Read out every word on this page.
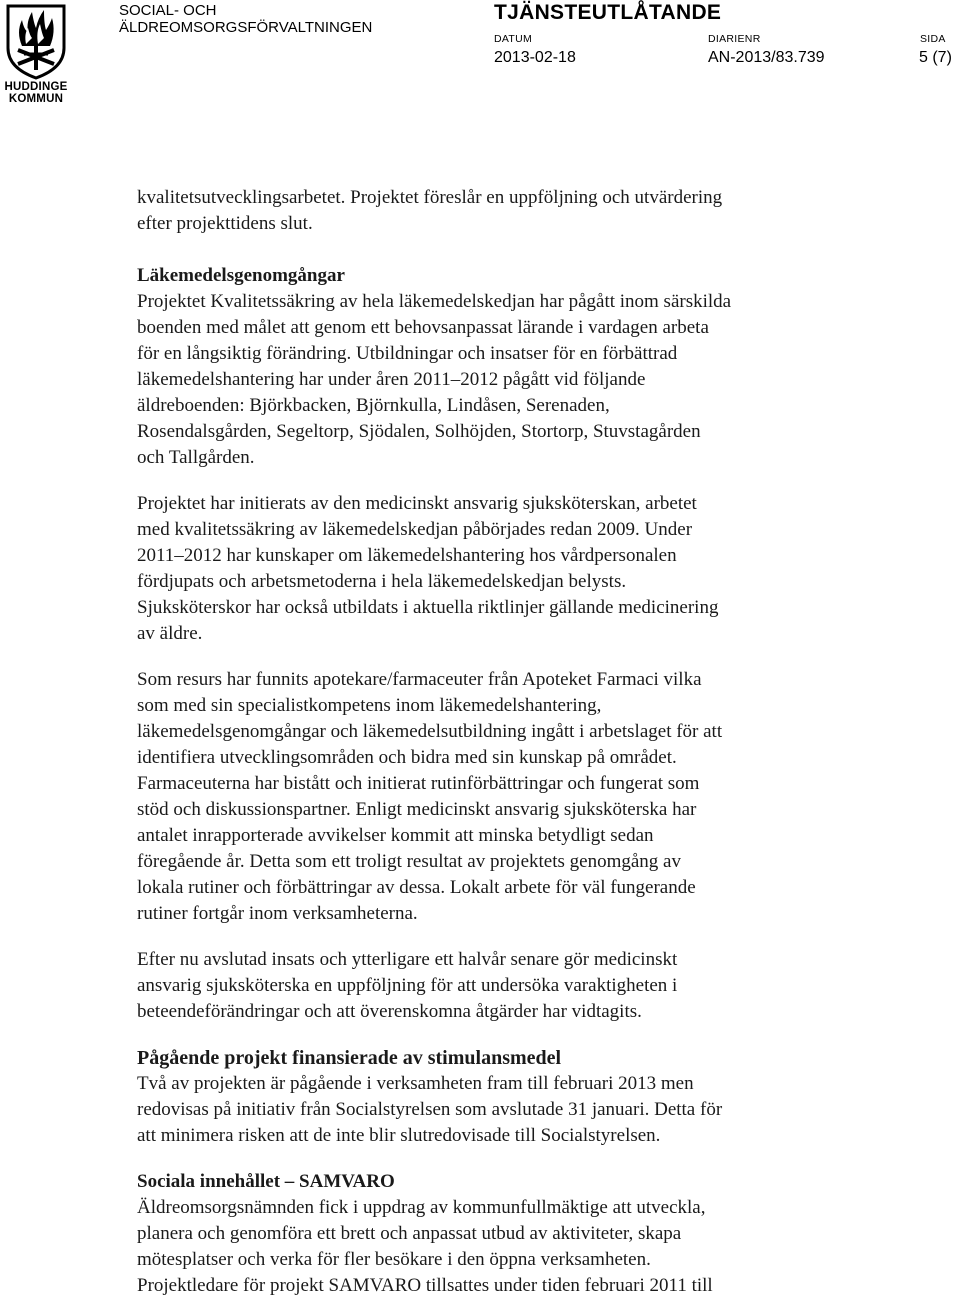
HUDDINGE
KOMMUN
SOCIAL- OCH
ÄLDREOMSORGSFÖRVALTNINGEN
TJÄNSTEUTLÅTANDE
DATUM	DIARIENR	SIDA
2013-02-18	AN-2013/83.739	5 (7)

kvalitetsutvecklingsarbetet. Projektet föreslår en uppföljning och utvärdering

efter projekttidens slut.

Läkemedelsgenomgångar

Projektet Kvalitetssäkring av hela läkemedelskedjan har pågått inom särskilda

boenden med målet att genom ett behovsanpassat lärande i vardagen arbeta

för en långsiktig förändring. Utbildningar och insatser för en förbättrad

läkemedelshantering har under åren 2011–2012 pågått vid följande

äldreboenden: Björkbacken, Björnkulla, Lindåsen, Serenaden,

Rosendalsgården, Segeltorp, Sjödalen, Solhöjden, Stortorp, Stuvstagården

och Tallgården.

Projektet har initierats av den medicinskt ansvarig sjuksköterskan, arbetet

med kvalitetssäkring av läkemedelskedjan påbörjades redan 2009. Under

2011–2012 har kunskaper om läkemedelshantering hos vårdpersonalen

fördjupats och arbetsmetoderna i hela läkemedelskedjan belysts.

Sjuksköterskor har också utbildats i aktuella riktlinjer gällande medicinering

av äldre.

Som resurs har funnits apotekare/farmaceuter från Apoteket Farmaci vilka

som med sin specialistkompetens inom läkemedelshantering,

läkemedelsgenomgångar och läkemedelsutbildning ingått i arbetslaget för att

identifiera utvecklingsområden och bidra med sin kunskap på området.

Farmaceuterna har bistått och initierat rutinförbättringar och fungerat som

stöd och diskussionspartner. Enligt medicinskt ansvarig sjuksköterska har

antalet inrapporterade avvikelser kommit att minska betydligt sedan

föregående år. Detta som ett troligt resultat av projektets genomgång av

lokala rutiner och förbättringar av dessa. Lokalt arbete för väl fungerande

rutiner fortgår inom verksamheterna.

Efter nu avslutad insats och ytterligare ett halvår senare gör medicinskt

ansvarig sjuksköterska en uppföljning för att undersöka varaktigheten i

beteendeförändringar och att överenskomna åtgärder har vidtagits.

Pågående projekt finansierade av stimulansmedel

Två av projekten är pågående i verksamheten fram till februari 2013 men

redovisas på initiativ från Socialstyrelsen som avslutade 31 januari. Detta för

att minimera risken att de inte blir slutredovisade till Socialstyrelsen.

Sociala innehållet – SAMVARO

Äldreomsorgsnämnden fick i uppdrag av kommunfullmäktige att utveckla,

planera och genomföra ett brett och anpassat utbud av aktiviteter, skapa

mötesplatser och verka för fler besökare i den öppna verksamheten.

Projektledare för projekt SAMVARO tillsattes under tiden februari 2011 till
